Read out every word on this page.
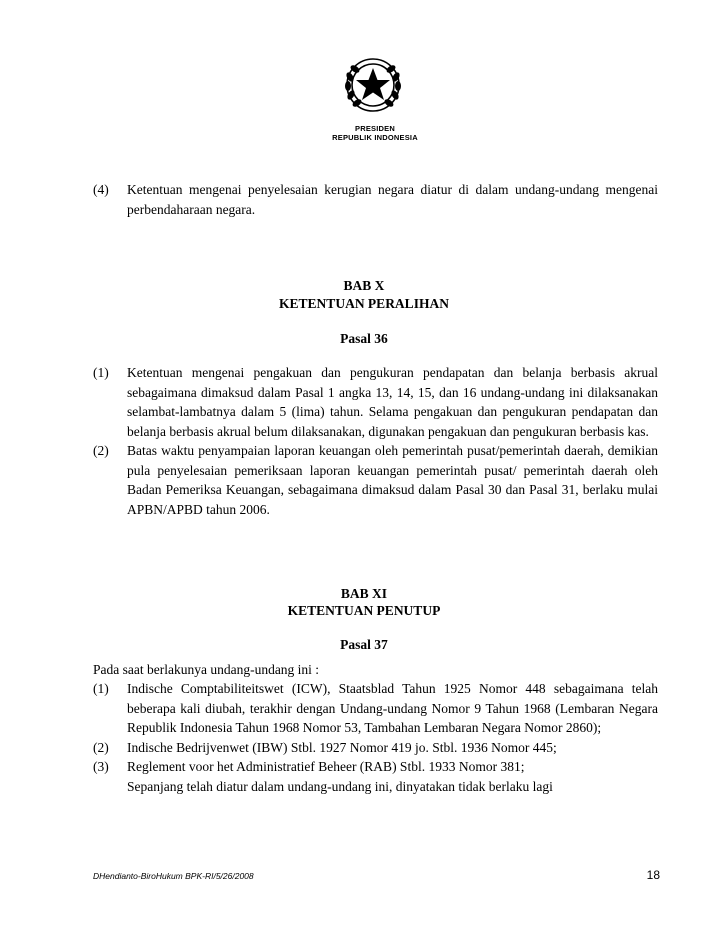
PRESIDEN
REPUBLIK INDONESIA
(4)	Ketentuan mengenai penyelesaian kerugian negara diatur di dalam undang-undang mengenai perbendaharaan negara.
BAB X
KETENTUAN PERALIHAN
Pasal 36
(1)	Ketentuan mengenai pengakuan dan pengukuran pendapatan dan belanja berbasis akrual sebagaimana dimaksud dalam Pasal 1 angka 13, 14, 15, dan 16 undang-undang ini dilaksanakan selambat-lambatnya dalam 5 (lima) tahun. Selama pengakuan dan pengukuran pendapatan dan belanja berbasis akrual belum dilaksanakan, digunakan pengakuan dan pengukuran berbasis kas.
(2)	Batas waktu penyampaian laporan keuangan oleh pemerintah pusat/pemerintah daerah, demikian pula penyelesaian pemeriksaan laporan keuangan pemerintah pusat/ pemerintah daerah oleh Badan Pemeriksa Keuangan, sebagaimana dimaksud dalam Pasal 30 dan Pasal 31, berlaku mulai APBN/APBD tahun 2006.
BAB XI
KETENTUAN PENUTUP
Pasal 37
Pada saat berlakunya undang-undang ini :
(1)	Indische Comptabiliteitswet (ICW), Staatsblad Tahun 1925 Nomor 448 sebagaimana telah beberapa kali diubah, terakhir dengan Undang-undang Nomor 9 Tahun 1968 (Lembaran Negara Republik Indonesia Tahun 1968 Nomor 53, Tambahan Lembaran Negara Nomor 2860);
(2)	Indische Bedrijvenwet (IBW) Stbl. 1927 Nomor 419 jo. Stbl. 1936 Nomor 445;
(3)	Reglement voor het Administratief Beheer (RAB) Stbl. 1933 Nomor 381;
Sepanjang telah diatur dalam undang-undang ini, dinyatakan tidak berlaku lagi
DHendianto-BiroHukum BPK-RI/5/26/2008	18
